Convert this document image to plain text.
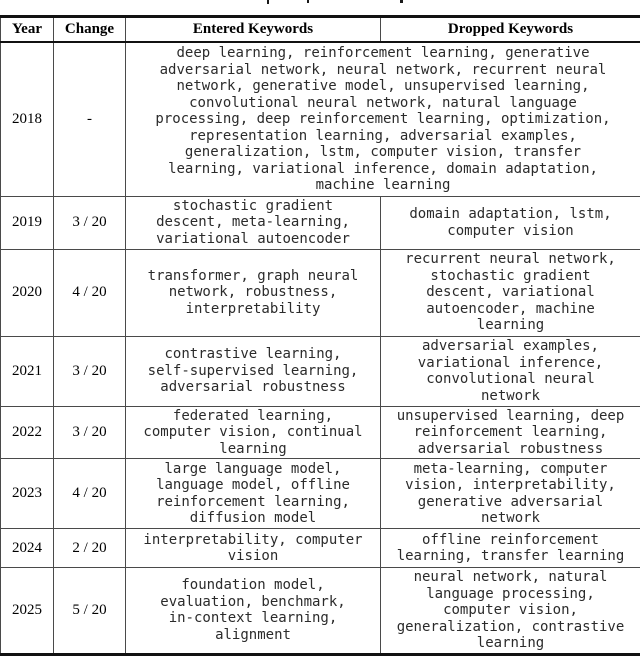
Year	Change	Entered Keywords	Dropped Keywords
2018	-	deep learning, reinforcement learning, generative adversarial network, neural network, recurrent neural network, generative model, unsupervised learning, convolutional neural network, natural language processing, deep reinforcement learning, optimization, representation learning, adversarial examples, generalization, lstm, computer vision, transfer learning, variational inference, domain adaptation, machine learning	
2019	3 / 20	stochastic gradient descent, meta‑learning, variational autoencoder	domain adaptation, lstm, computer vision
2020	4 / 20	transformer, graph neural network, robustness, interpretability	recurrent neural network, stochastic gradient descent, variational autoencoder, machine learning
2021	3 / 20	contrastive learning, self‑supervised learning, adversarial robustness	adversarial examples, variational inference, convolutional neural network
2022	3 / 20	federated learning, computer vision, continual learning	unsupervised learning, deep reinforcement learning, adversarial robustness
2023	4 / 20	large language model, language model, offline reinforcement learning, diffusion model	meta‑learning, computer vision, interpretability, generative adversarial network
2024	2 / 20	interpretability, computer vision	offline reinforcement learning, transfer learning
2025	5 / 20	foundation model, evaluation, benchmark, in‑context learning, alignment	neural network, natural language processing, computer vision, generalization, contrastive learning
